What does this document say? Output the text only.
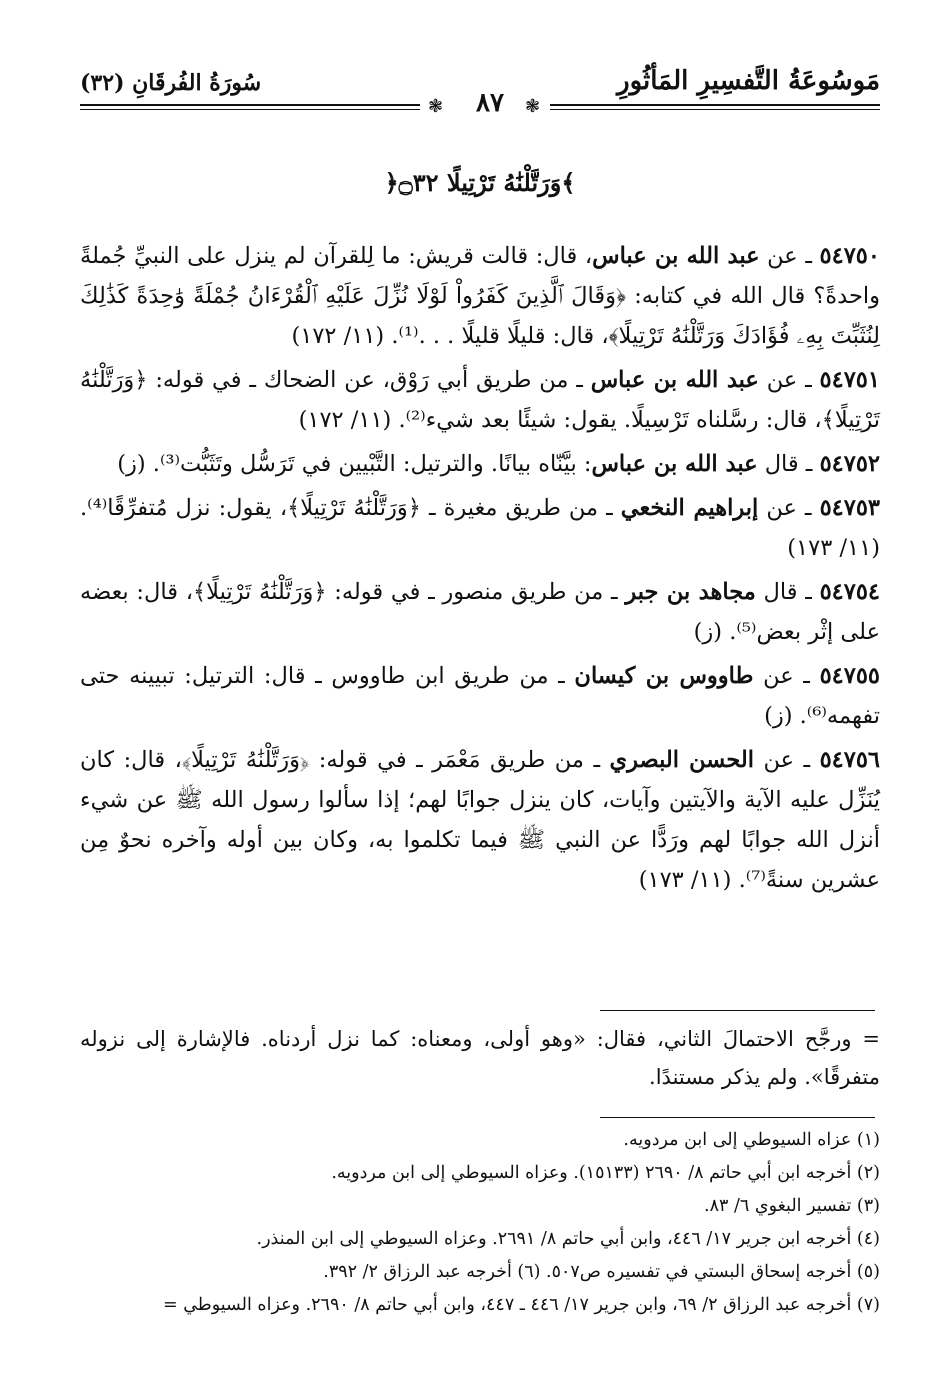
سُورَةُ الفُرقَانِ (٣٢)	مَوسُوعَةُ التَّفسِيرِ المَأثُورِ
❃	٨٧	❃
﴿وَرَتَّلْنَٰهُ تَرْتِيلًا ۝٣٢﴾

٥٤٧٥٠ ـ عن عبد الله بن عباس، قال: قالت قريش: ما لِلقرآن لم ينزل على النبيِّ جُملةً واحدةً؟ قال الله في كتابه: ﴿وَقَالَ ٱلَّذِينَ كَفَرُواْ لَوْلَا نُزِّلَ عَلَيْهِ ٱلْقُرْءَانُ جُمْلَةً وَٰحِدَةً كَذَٰلِكَ لِنُثَبِّتَ بِهِۦ فُؤَادَكَ وَرَتَّلْنَٰهُ تَرْتِيلًا﴾، قال: قليلًا قليلًا . . .⁽¹⁾. (١١/ ١٧٢)

٥٤٧٥١ ـ عن عبد الله بن عباس ـ من طريق أبي رَوْق، عن الضحاك ـ في قوله: ﴿وَرَتَّلْنَٰهُ تَرْتِيلًا﴾، قال: رسَّلناه تَرْسِيلًا. يقول: شيئًا بعد شيء⁽²⁾. (١١/ ١٧٢)

٥٤٧٥٢ ـ قال عبد الله بن عباس: بيَّنّاه بيانًا. والترتيل: التَّبْيين في تَرَسُّل وتَثَبُّت⁽³⁾. (ز)

٥٤٧٥٣ ـ عن إبراهيم النخعي ـ من طريق مغيرة ـ ﴿وَرَتَّلْنَٰهُ تَرْتِيلًا﴾، يقول: نزل مُتفرِّقًا⁽⁴⁾. (١١/ ١٧٣)

٥٤٧٥٤ ـ قال مجاهد بن جبر ـ من طريق منصور ـ في قوله: ﴿وَرَتَّلْنَٰهُ تَرْتِيلًا﴾، قال: بعضه على إثْر بعض⁽⁵⁾. (ز)

٥٤٧٥٥ ـ عن طاووس بن كيسان ـ من طريق ابن طاووس ـ قال: الترتيل: تبيينه حتى تفهمه⁽⁶⁾. (ز)

٥٤٧٥٦ ـ عن الحسن البصري ـ من طريق مَعْمَر ـ في قوله: ﴿وَرَتَّلْنَٰهُ تَرْتِيلًا﴾، قال: كان يُنَزِّل عليه الآية والآيتين وآيات، كان ينزل جوابًا لهم؛ إذا سألوا رسول الله ﷺ عن شيء أنزل الله جوابًا لهم ورَدًّا عن النبي ﷺ فيما تكلموا به، وكان بين أوله وآخره نحوٌ مِن عشرين سنةً⁽⁷⁾. (١١/ ١٧٣)

= ورجَّح الاحتمالَ الثاني، فقال: «وهو أولى، ومعناه: كما نزل أردناه. فالإشارة إلى نزوله متفرقًا». ولم يذكر مستندًا.
(١) عزاه السيوطي إلى ابن مردويه.
(٢) أخرجه ابن أبي حاتم ٨/ ٢٦٩٠ (١٥١٣٣). وعزاه السيوطي إلى ابن مردويه.
(٣) تفسير البغوي ٦/ ٨٣.
(٤) أخرجه ابن جرير ١٧/ ٤٤٦، وابن أبي حاتم ٨/ ٢٦٩١. وعزاه السيوطي إلى ابن المنذر.
(٥) أخرجه إسحاق البستي في تفسيره ص٥٠٧. (٦) أخرجه عبد الرزاق ٢/ ٣٩٢.
(٧) أخرجه عبد الرزاق ٢/ ٦٩، وابن جرير ١٧/ ٤٤٦ ـ ٤٤٧، وابن أبي حاتم ٨/ ٢٦٩٠. وعزاه السيوطي =
